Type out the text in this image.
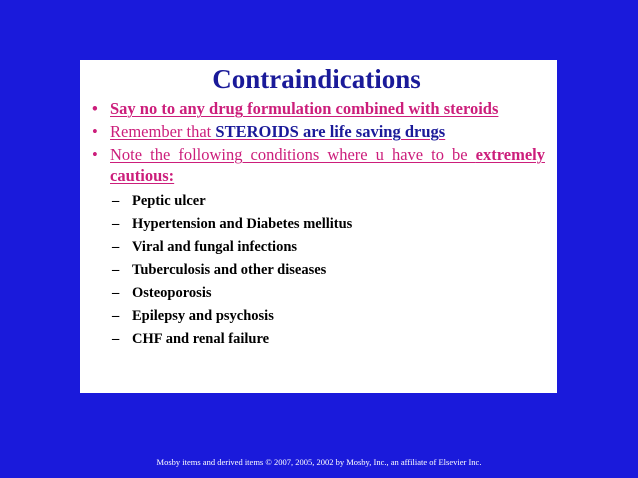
Contraindications
• Say no to any drug formulation combined with steroids
• Remember that STEROIDS are life saving drugs
• Note the following conditions where u have to be extremely cautious:
– Peptic ulcer
– Hypertension and Diabetes mellitus
– Viral and fungal infections
– Tuberculosis and other diseases
– Osteoporosis
– Epilepsy and psychosis
– CHF and renal failure
Mosby items and derived items © 2007, 2005, 2002 by Mosby, Inc., an affiliate of Elsevier Inc.
